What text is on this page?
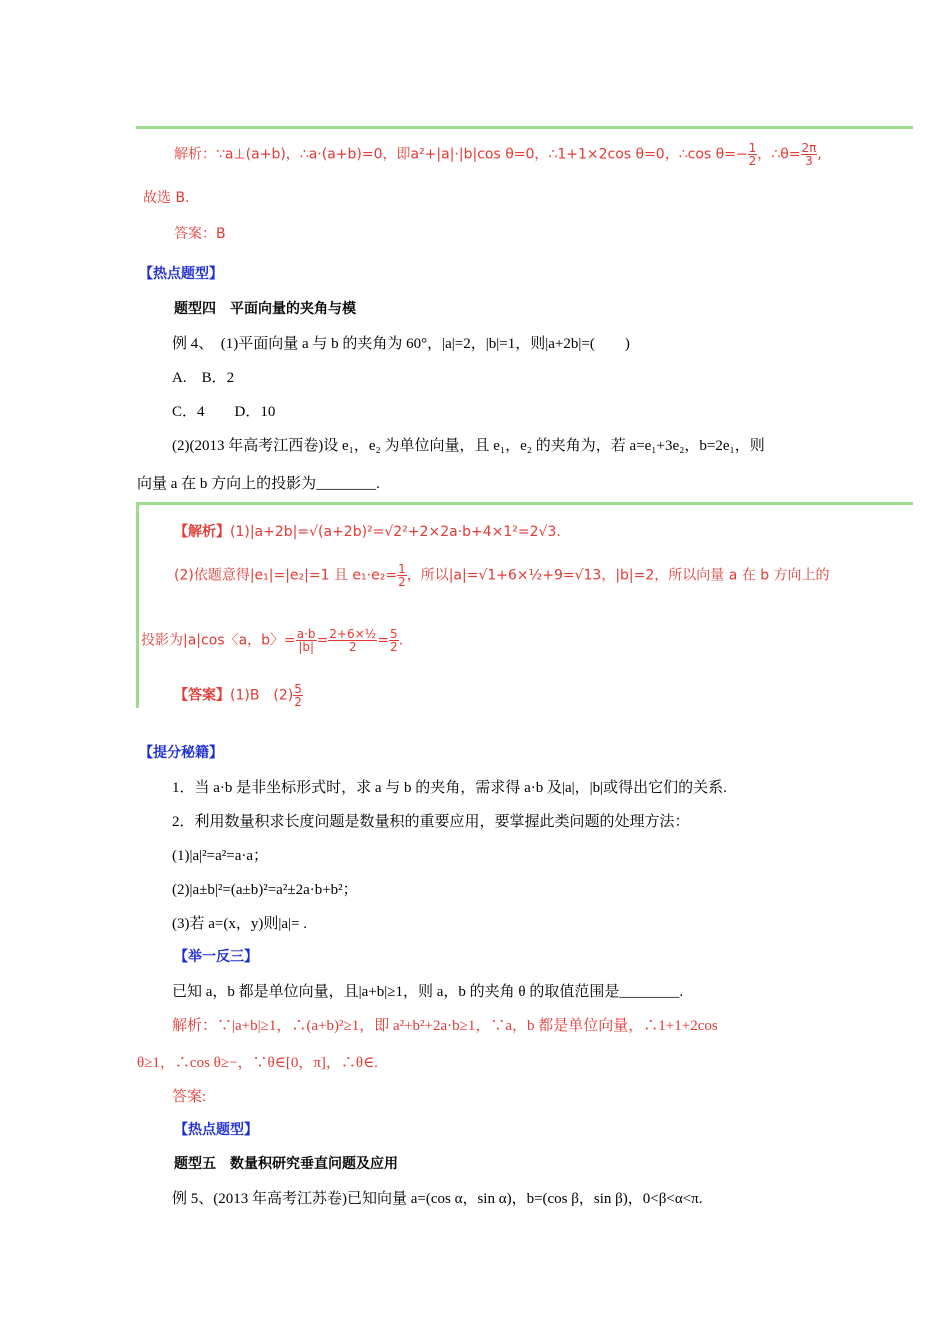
解析：∵a⊥(a+b)，∴a·(a+b)=0，即a²+|a|·|b|cos θ=0，∴1+1×2cos θ=0，∴cos $\theta=- \frac{1}{2}$ ，∴θ= $\frac{2\pi}{3}$ ,
故选 B.
答案：B
【热点题型】
题型四　平面向量的夹角与模
例 4、　(1)平面向量 a 与 b 的夹角为 60°，|a|=2，|b|=1，则|a+2b|=(　　)
A.　B．2
C．4　　D．10
(2)(2013 年高考江西卷)设 e₁，e₂ 为单位向量，且 e₁，e₂ 的夹角为，若 a=e₁+3e₂，b=2e₁，则
向量 a 在 b 方向上的投影为________.
【解析】(1)|a+2b|=√(a+2b)²=√2²+2×2a·b+4×1²=2√3.
(2)依题意得|e₁|=|e₂|=1 且 $e_1\cdot e_2= \frac{1}{2}$ ，所以|a|=√1+6×½+9=√13，|b|=2，所以向量 a 在 b 方向上的
投影为|a|cos〈a，b〉= $\frac{a\cdot b}{|b|} = \frac{\text{2+6×½}}{2} = \frac{5}{2}$ .
【答案】(1)B　$(2) \frac{5}{2}$
【提分秘籍】
1．当 a·b 是非坐标形式时，求 a 与 b 的夹角，需求得 a·b 及|a|，|b|或得出它们的关系.
2．利用数量积求长度问题是数量积的重要应用，要掌握此类问题的处理方法：
(1)|a|²=a²=a·a；
(2)|a±b|²=(a±b)²=a²±2a·b+b²；
(3)若 a=(x，y)则|a|= .
【举一反三】
已知 a，b 都是单位向量，且|a+b|≥1，则 a，b 的夹角 θ 的取值范围是________.
解析：∵|a+b|≥1，∴(a+b)²≥1，即 a²+b²+2a·b≥1，∵a，b 都是单位向量，∴1+1+2cos
θ≥1，∴cos θ≥−，∵θ∈[0，π]，∴θ∈.
答案:
【热点题型】
题型五　数量积研究垂直问题及应用
例 5、(2013 年高考江苏卷)已知向量 a=(cos α，sin α)，b=(cos β，sin β)，0<β<α<π.
